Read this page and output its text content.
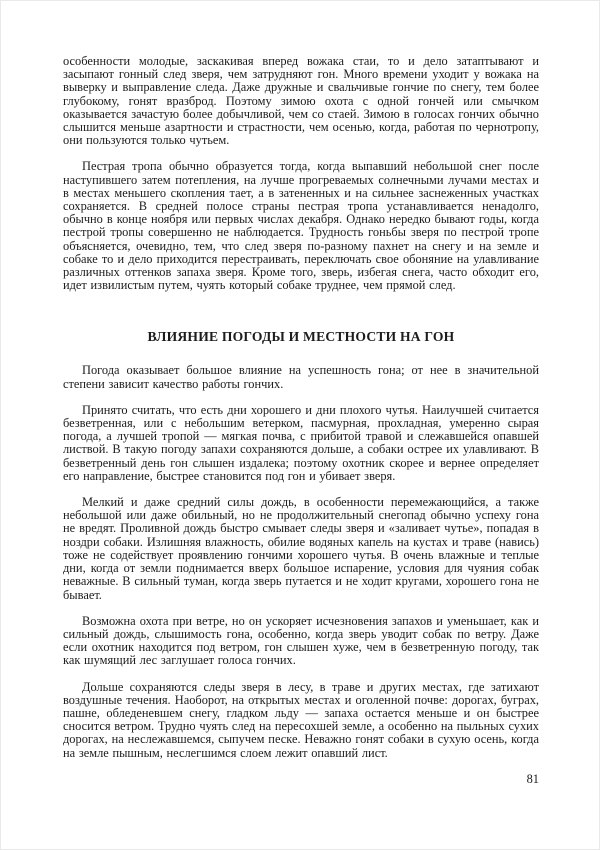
особенности молодые, заскакивая вперед вожака стаи, то и дело затаптывают и засыпают гонный след зверя, чем затрудняют гон. Много времени уходит у вожака на выверку и выправление следа. Даже дружные и свальчивые гончие по снегу, тем более глубокому, гонят вразброд. Поэтому зимою охота с одной гончей или смычком оказывается зачастую более добычливой, чем со стаей. Зимою в голосах гончих обычно слышится меньше азартности и страстности, чем осенью, когда, работая по чернотропу, они пользуются только чутьем.

Пестрая тропа обычно образуется тогда, когда выпавший небольшой снег после наступившего затем потепления, на лучше прогреваемых солнечными лучами местах и в местах меньшего скопления тает, а в затененных и на сильнее заснеженных участках сохраняется. В средней полосе страны пестрая тропа устанавливается ненадолго, обычно в конце ноября или первых числах декабря. Однако нередко бывают годы, когда пестрой тропы совершенно не наблюдается. Трудность гоньбы зверя по пестрой тропе объясняется, очевидно, тем, что след зверя по-разному пахнет на снегу и на земле и собаке то и дело приходится перестраивать, переключать свое обоняние на улавливание различных оттенков запаха зверя. Кроме того, зверь, избегая снега, часто обходит его, идет извилистым путем, чуять который собаке труднее, чем прямой след.

ВЛИЯНИЕ ПОГОДЫ И МЕСТНОСТИ НА ГОН

Погода оказывает большое влияние на успешность гона; от нее в значительной степени зависит качество работы гончих.

Принято считать, что есть дни хорошего и дни плохого чутья. Наилучшей считается безветренная, или с небольшим ветерком, пасмурная, прохладная, умеренно сырая погода, а лучшей тропой — мягкая почва, с прибитой травой и слежавшейся опавшей листвой. В такую погоду запахи сохраняются дольше, а собаки острее их улавливают. В безветренный день гон слышен издалека; поэтому охотник скорее и вернее определяет его направление, быстрее становится под гон и убивает зверя.

Мелкий и даже средний силы дождь, в особенности перемежающийся, а также небольшой или даже обильный, но не продолжительный снегопад обычно успеху гона не вредят. Проливной дождь быстро смывает следы зверя и «заливает чутье», попадая в ноздри собаки. Излишняя влажность, обилие водяных капель на кустах и траве (навись) тоже не содействует проявлению гончими хорошего чутья. В очень влажные и теплые дни, когда от земли поднимается вверх большое испарение, условия для чуяния собак неважные. В сильный туман, когда зверь путается и не ходит кругами, хорошего гона не бывает.

Возможна охота при ветре, но он ускоряет исчезновения запахов и уменьшает, как и сильный дождь, слышимость гона, особенно, когда зверь уводит собак по ветру. Даже если охотник находится под ветром, гон слышен хуже, чем в безветренную погоду, так как шумящий лес заглушает голоса гончих.

Дольше сохраняются следы зверя в лесу, в траве и других местах, где затихают воздушные течения. Наоборот, на открытых местах и оголенной почве: дорогах, буграх, пашне, обледеневшем снегу, гладком льду — запаха остается меньше и он быстрее сносится ветром. Трудно чуять след на пересохшей земле, а особенно на пыльных сухих дорогах, на неслежавшемся, сыпучем песке. Неважно гонят собаки в сухую осень, когда на земле пышным, неслегшимся слоем лежит опавший лист.

81
